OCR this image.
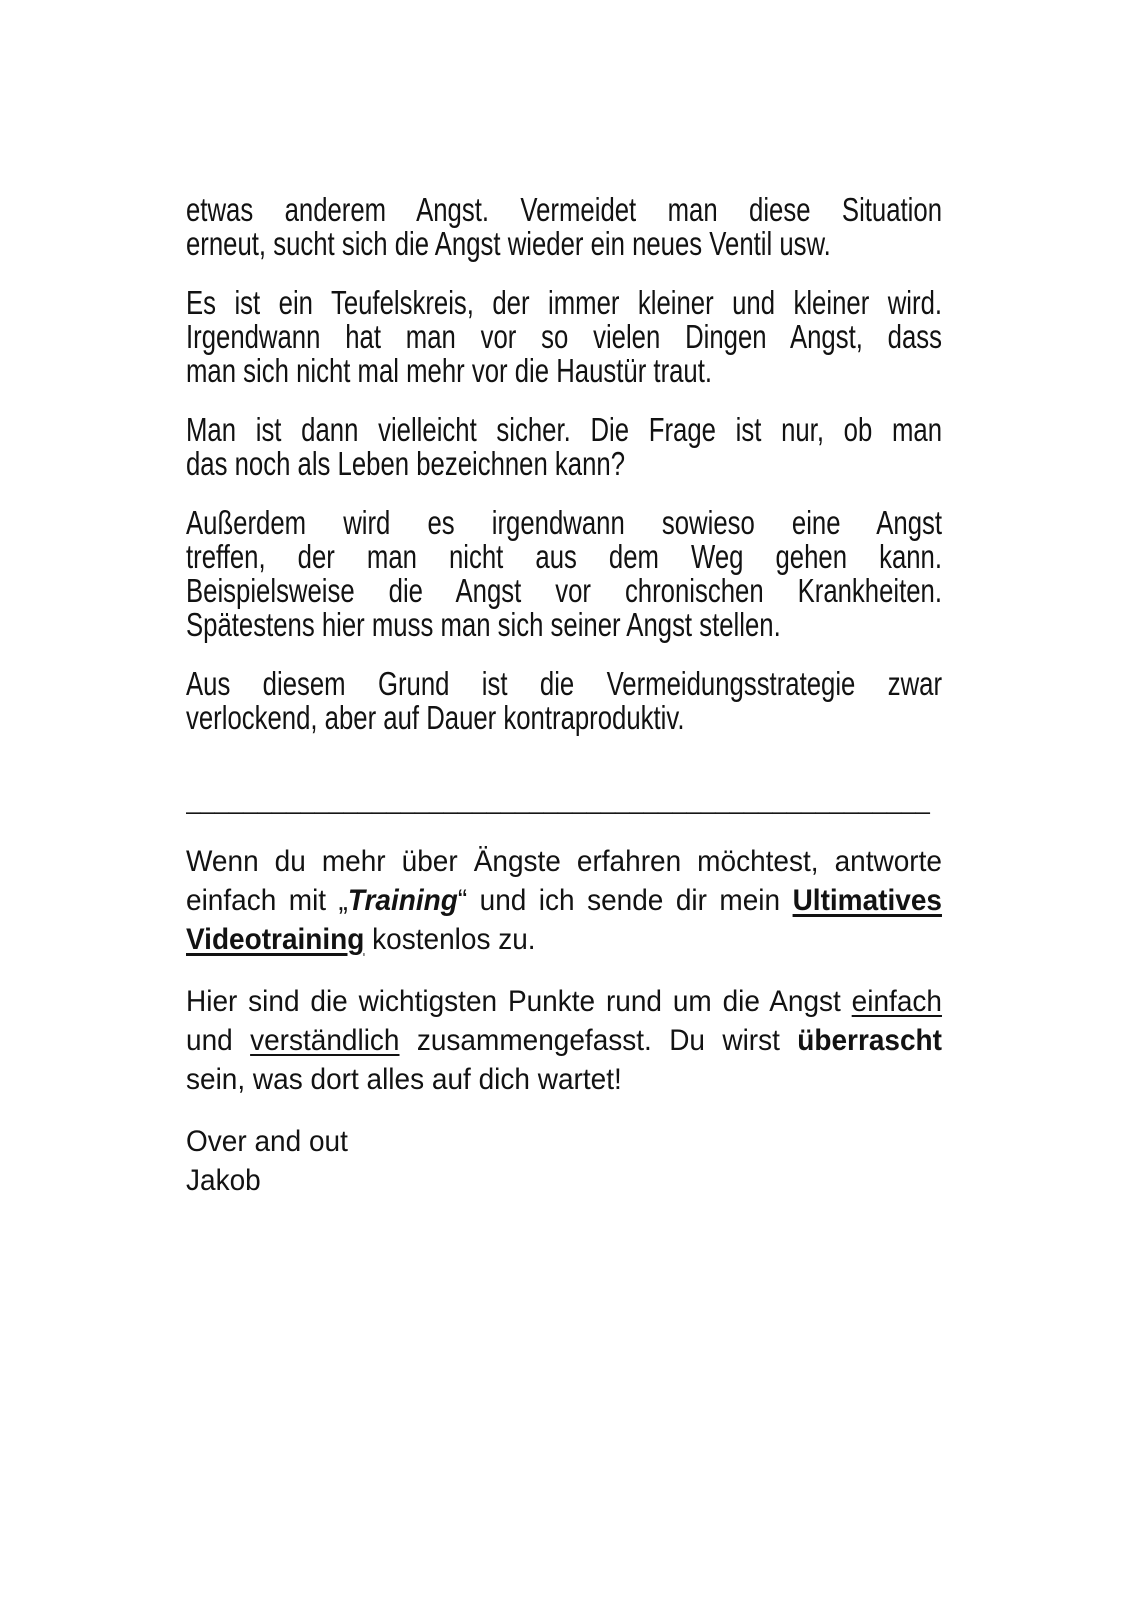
etwas anderem Angst. Vermeidet man diese Situation
erneut, sucht sich die Angst wieder ein neues Ventil usw.

Es ist ein Teufelskreis, der immer kleiner und kleiner wird.
Irgendwann hat man vor so vielen Dingen Angst, dass
man sich nicht mal mehr vor die Haustür traut.

Man ist dann vielleicht sicher. Die Frage ist nur, ob man
das noch als Leben bezeichnen kann?

Außerdem wird es irgendwann sowieso eine Angst
treffen, der man nicht aus dem Weg gehen kann.
Beispielsweise die Angst vor chronischen Krankheiten.
Spätestens hier muss man sich seiner Angst stellen.

Aus diesem Grund ist die Vermeidungsstrategie zwar
verlockend, aber auf Dauer kontraproduktiv.

____________________________________________________

Wenn du mehr über Ängste erfahren möchtest, antworte
einfach mit „Training“ und ich sende dir mein Ultimatives
Videotraining kostenlos zu.

Hier sind die wichtigsten Punkte rund um die Angst einfach
und verständlich zusammengefasst. Du wirst überrascht
sein, was dort alles auf dich wartet!

Over and out
Jakob
